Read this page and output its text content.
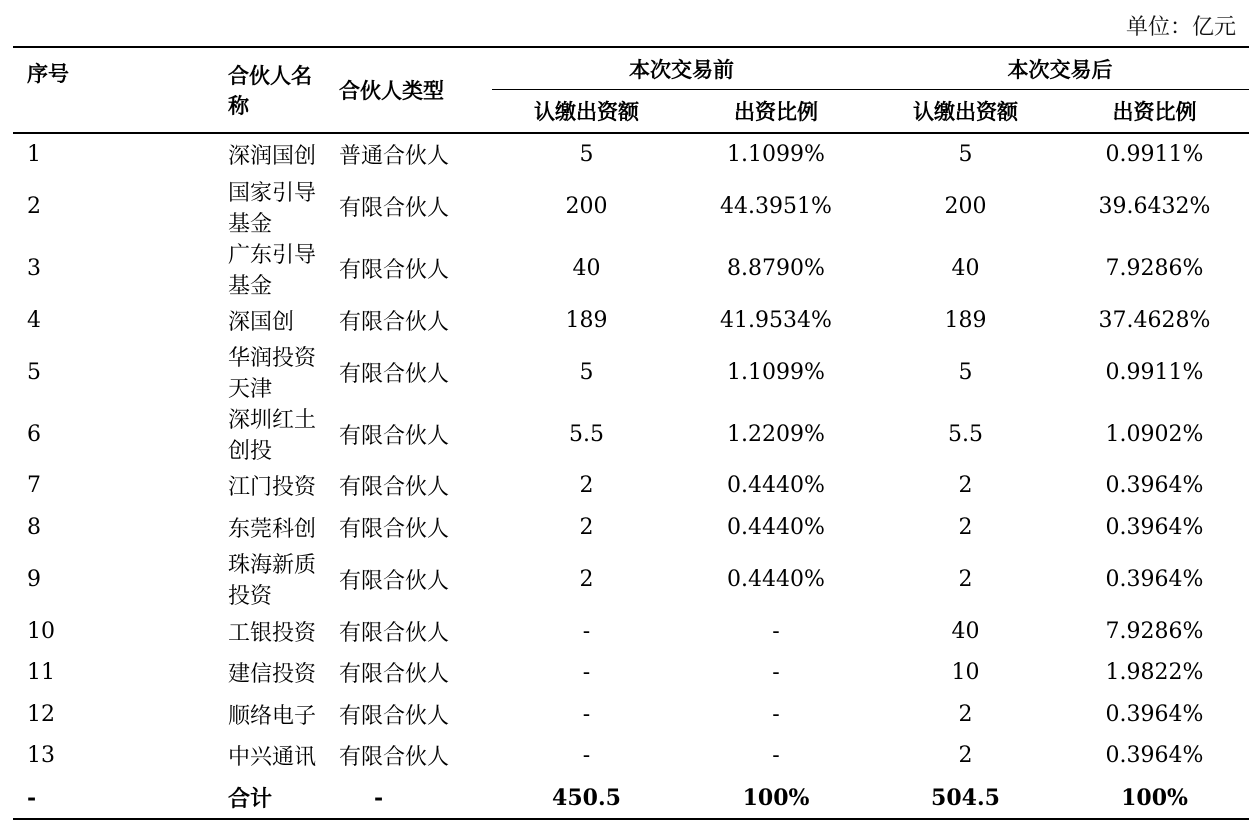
单位：亿元
序号	合伙人名称	合伙人类型	本次交易前		本次交易后	
			认缴出资额	出资比例	认缴出资额	出资比例
1	深润国创	普通合伙人	5	1.1099%	5	0.9911%
2	国家引导基金	有限合伙人	200	44.3951%	200	39.6432%
3	广东引导基金	有限合伙人	40	8.8790%	40	7.9286%
4	深国创	有限合伙人	189	41.9534%	189	37.4628%
5	华润投资天津	有限合伙人	5	1.1099%	5	0.9911%
6	深圳红土创投	有限合伙人	5.5	1.2209%	5.5	1.0902%
7	江门投资	有限合伙人	2	0.4440%	2	0.3964%
8	东莞科创	有限合伙人	2	0.4440%	2	0.3964%
9	珠海新质投资	有限合伙人	2	0.4440%	2	0.3964%
10	工银投资	有限合伙人	-	-	40	7.9286%
11	建信投资	有限合伙人	-	-	10	1.9822%
12	顺络电子	有限合伙人	-	-	2	0.3964%
13	中兴通讯	有限合伙人	-	-	2	0.3964%
-	合计	-	450.5	100%	504.5	100%
